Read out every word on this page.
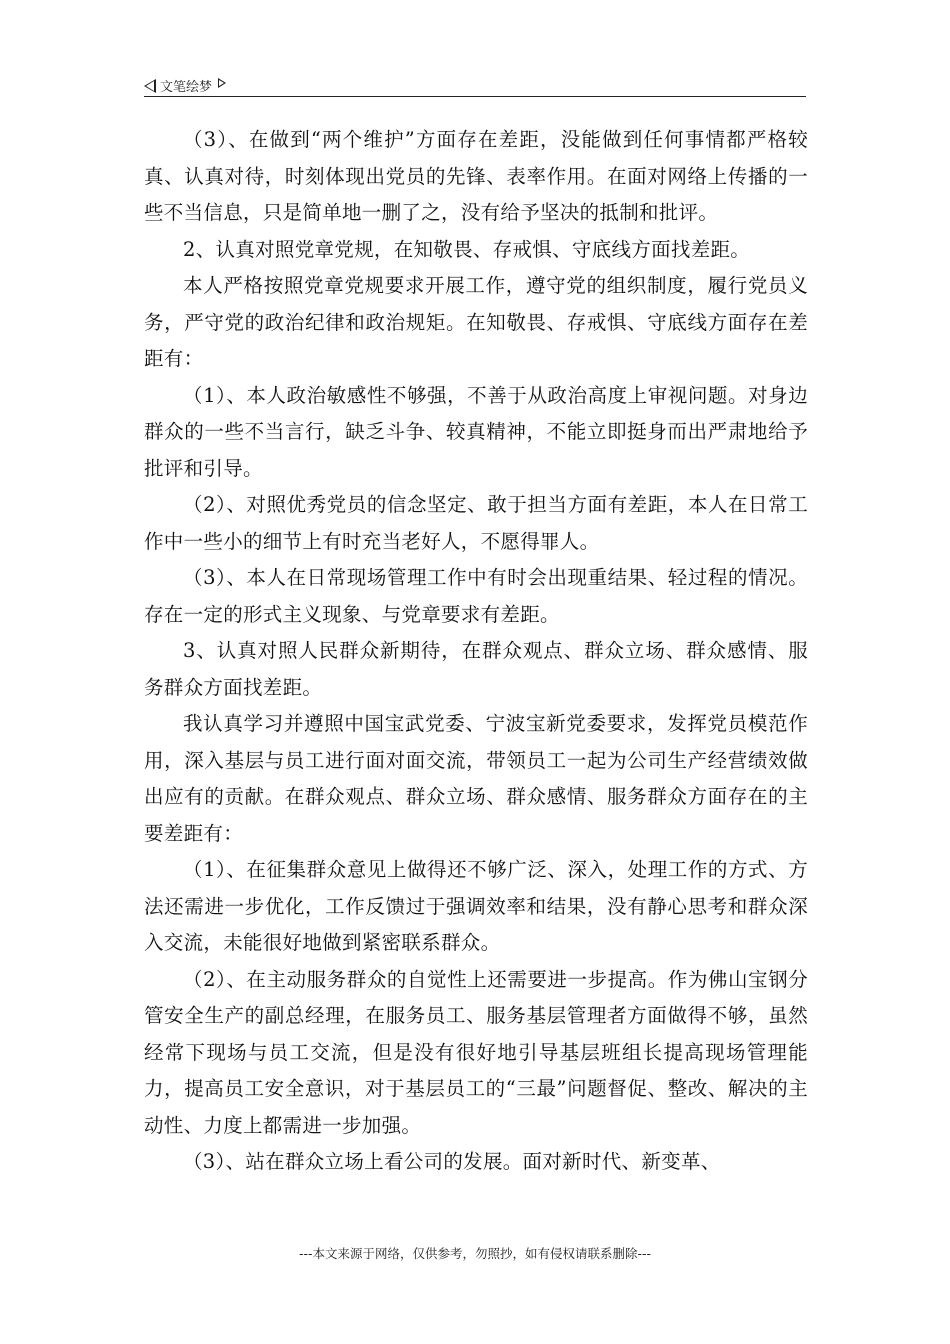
文笔绘梦

（3）、在做到“两个维护”方面存在差距，没能做到任何事情都严格较真、认真对待，时刻体现出党员的先锋、表率作用。在面对网络上传播的一些不当信息，只是简单地一删了之，没有给予坚决的抵制和批评。

2、认真对照党章党规，在知敬畏、存戒惧、守底线方面找差距。

本人严格按照党章党规要求开展工作，遵守党的组织制度，履行党员义务，严守党的政治纪律和政治规矩。在知敬畏、存戒惧、守底线方面存在差距有：

（1）、本人政治敏感性不够强，不善于从政治高度上审视问题。对身边群众的一些不当言行，缺乏斗争、较真精神，不能立即挺身而出严肃地给予批评和引导。

（2）、对照优秀党员的信念坚定、敢于担当方面有差距，本人在日常工作中一些小的细节上有时充当老好人，不愿得罪人。

（3）、本人在日常现场管理工作中有时会出现重结果、轻过程的情况。存在一定的形式主义现象、与党章要求有差距。

3、认真对照人民群众新期待，在群众观点、群众立场、群众感情、服务群众方面找差距。

我认真学习并遵照中国宝武党委、宁波宝新党委要求，发挥党员模范作用，深入基层与员工进行面对面交流，带领员工一起为公司生产经营绩效做出应有的贡献。在群众观点、群众立场、群众感情、服务群众方面存在的主要差距有：

（1）、在征集群众意见上做得还不够广泛、深入，处理工作的方式、方法还需进一步优化，工作反馈过于强调效率和结果，没有静心思考和群众深入交流，未能很好地做到紧密联系群众。

（2）、在主动服务群众的自觉性上还需要进一步提高。作为佛山宝钢分管安全生产的副总经理，在服务员工、服务基层管理者方面做得不够，虽然经常下现场与员工交流，但是没有很好地引导基层班组长提高现场管理能力，提高员工安全意识，对于基层员工的“三最”问题督促、整改、解决的主动性、力度上都需进一步加强。

（3）、站在群众立场上看公司的发展。面对新时代、新变革、

---本文来源于网络，仅供参考，勿照抄，如有侵权请联系删除---
